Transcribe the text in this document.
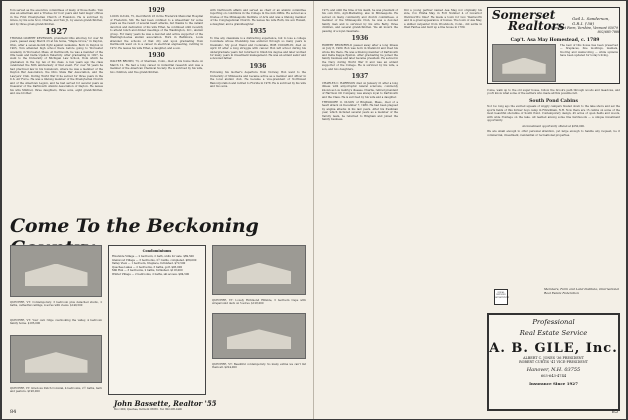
Tom served as the executive committees of many of those fields. Tom was an alderman and a Trustee for four years and held major offices in the First Presbyterian Church of Evanston. He is survived by Grace, by his sons Scot, Charlie, and Tom Jr., by eleven grandchildren, and by three great-grandchildren.

1927

THOMAS GILBERT KEVESSON, prominent Ohio attorney for over 50 years, passed away March 23 at his home, "Maple Grove," in Dayton, Ohio, after a seven-month fight against leukemia. Born in Dayton in 1905, Tom attended high school there before going to Worcester Academy in Worcester, Mass. At Dartmouth, he was a member of the rifle team and Delta Upsilon fraternity. After graduating in 1927, he went to the University of Michigan Law School, from which he graduated, in the top ten of his class. A few years ago the class celebrated the 50th anniversary of that event. For over 50 years he had practiced law in his hometown, where he was a member of the Dayton Bar Association, the Ohio State Bar Association, and the Lawyers' Club. During World War II he served for three years in the U.S. Air Force. He was a lifelong member of the Presbyterian Church and of the American Legion, and he had served for several years as treasurer of the Dartmouth Alumni Association of Dayton. He leaves his wife Mildred, three daughters, three sons, eight grandchildren, and one brother.

1929

LOUIS LUCAS, 75, died March 23 in the Frederick Memorial Hospital of Frederick, Md. He had been confined to a wheelchair for some years as the result of several heart attacks, but thanks to the valiant devotion and dedication of his wife Ethel, he continued until recently to attend lunch and dinner meetings of the Washington, D.C., alumni group. For many years he was a devoted and active supporter of the Washington-area alumni association. Born in Baltimore, Louis attended the schools of that city and upon graduating from Dartmouth went on to a career in electrical engineering, retiring in 1972. He leaves his wife Ethel, a daughter, and a son.

1930

WALTER BROWN, 73, of Sherman, Conn., died at his home there on March 12. He had a long career in industrial research and was a member of the American Chemical Society. He is survived by his wife, two children, and five grandchildren.

with Dartmouth affairs and served as chair of an alumni committee reporting on conditions in the College in the mid-1960s. He served as a trustee of the Minneapolis Institute of Arts and was a lifelong member of the Congregational Church. He leaves his wife Ruth, his son Ronald, a daughter, and a granddaughter.

1935

To fine any classmate is a distracting experience, but to lose a college roommate whose friendship has endured through so many years is traumatic. My good friend and roommate, BOB COUGHLIN, died on April 18 after a long struggle with cancer. Bob left school during his undergraduate years but returned to finish his degree and later worked for many years in investment management. He was an ardent sailor and a devoted father.

1936

Following his mother's departure from Norway, Bob went to the University of Minnesota and became active as a member and officer in the local alumni club. He became a vice-president of Northwest Bancorporation and retired to Florida in 1978. He is survived by his wife and two sons.

Come To the Beckoning
QUECHEE, VT: Contemporary. 3 bedroom plus detached studio, 2 baths, cathedral ceilings, 4 acres with views. $149,500
QUECHEE, VT: Your own ridge overlooking the valley, 4 bedroom family home. $185,000
QUECHEE, VT: Gracious Dutch Colonial, 4 bedrooms, 2½ baths, barn and pasture. $196,000
Condominiums
Riverside Village — 2 bedroom, 2 bath, units for sale. $69,500
Glenwood Village — 3 bedrooms, 2½ baths, completed. $89,000
Valley View — 1 bedroom, fireplace, furnished. $72,500
Quechee Lakes — 2 bedrooms, 3 baths, golf. $95,000
Mill Run — 3 bedrooms, 2 baths, furnished. $118,000
Winter Village — 2 bedrooms, 2 baths, ski access. $84,500
QUECHEE, VT: Lovely Richmond Hillside, 3 bedroom Cape with wraparound deck on 5 acres. $128,000
QUECHEE, VT: Beautiful contemporary. So many extras we can't list them all. $224,000
John Bassette, Realtor '55
Box 1000, Quechee, Vermont 05059 · Tel. 802-295-2400
84

1975, and until the time of his death, he was president of his own firm, Agri-Marketing, also in Minneapolis. He served on many community and church committees. A member of the Minneapolis Club, he was a devoted family man and is survived by his wife Betty, three children, and several grandchildren. We all mourn the passing of a loyal classmate.

1936

ROBERT BRUMFIELD passed away after a long illness on July 8, 1980. Bob was born in Stamford and lived his whole life there. He was a lifelong member of Dartmouth and Delta Kappa Epsilon. After graduating he joined the family business and later became president. He served in the Navy during World War II and was an ardent supporter of the College. He is survived by his wife, a son, and two daughters.

1937

CHARLES C. HARRISON died on January 21 after a long illness with amyotrophic lateral sclerosis, commonly known as Lou Gehrig's disease. Charlie, retired president of Harrison Oil Company, was always loyal to Dartmouth and the Class. He is survived by his wife and a daughter.

THEODORE O. OLSON of Bingham, Mass., died of a heart attack on December 7, 1980. He had been plagued by angina attacks in his last years. After his freshman year, which included several years as a member of the Varsity team, he returned to Bingham and joined the family business.

Did a young partner named Asa Mag not originally his side, Col. Elisha May, in Fort Number 4 of Governor Wentworth's time? He made a town for Gov. Wentworth and in a great appearance of homes. The town of Asa May, a skilled carpenter from Woodstock, Conn., did settle in West Fairlee and built up a fine house in 1789.

Somerset
Realtors
Gail L. Sanderson, G.R.I. ('58)
Somerset Farm, Vershire, Vermont 05079 · 802/685-7888
Cap't. Asa May Homestead, c. 1789
The best of this house has been preserved — fireplaces, fine moldings, mantels, flooring and wainscoting — while systems have been updated for today's living.

Come, walk up to the old sugar house, follow the brook's path through woods and meadows, and you'll know what some of the settlers who made all this possible felt.

South Pond Cabins

Not too long ago the excited squeals of wiggly campers floated down to the lake shore and set the sports fields of this former boys camp in Fitzwilliam, N.H. Now there are 15 cabins on some of the most beautiful shoreline of South Pond. Contemporary design, 45 acres of open fields and woods, with wide frontage on the lake. All nestled among some fine hardwoods — a unique investment opportunity.

An investment opportunity offered at $250,000.

We are small enough to offer personal attention, yet large enough to handle any request, be it commercial, investment, residential or recreational properties.

EQUAL HOUSING OPPORTUNITY
Members, Farm and Land Institute, International Real Estate Federation
Professional
Real Estate Service
A. B. GILE, Inc.
ALBERT C. JONES '36 PRESIDENT
ROBERT CURTIS '41 VICE-PRESIDENT
Hanover, N.H. 03755
603-643-4744
Insurance Since 1927
85
